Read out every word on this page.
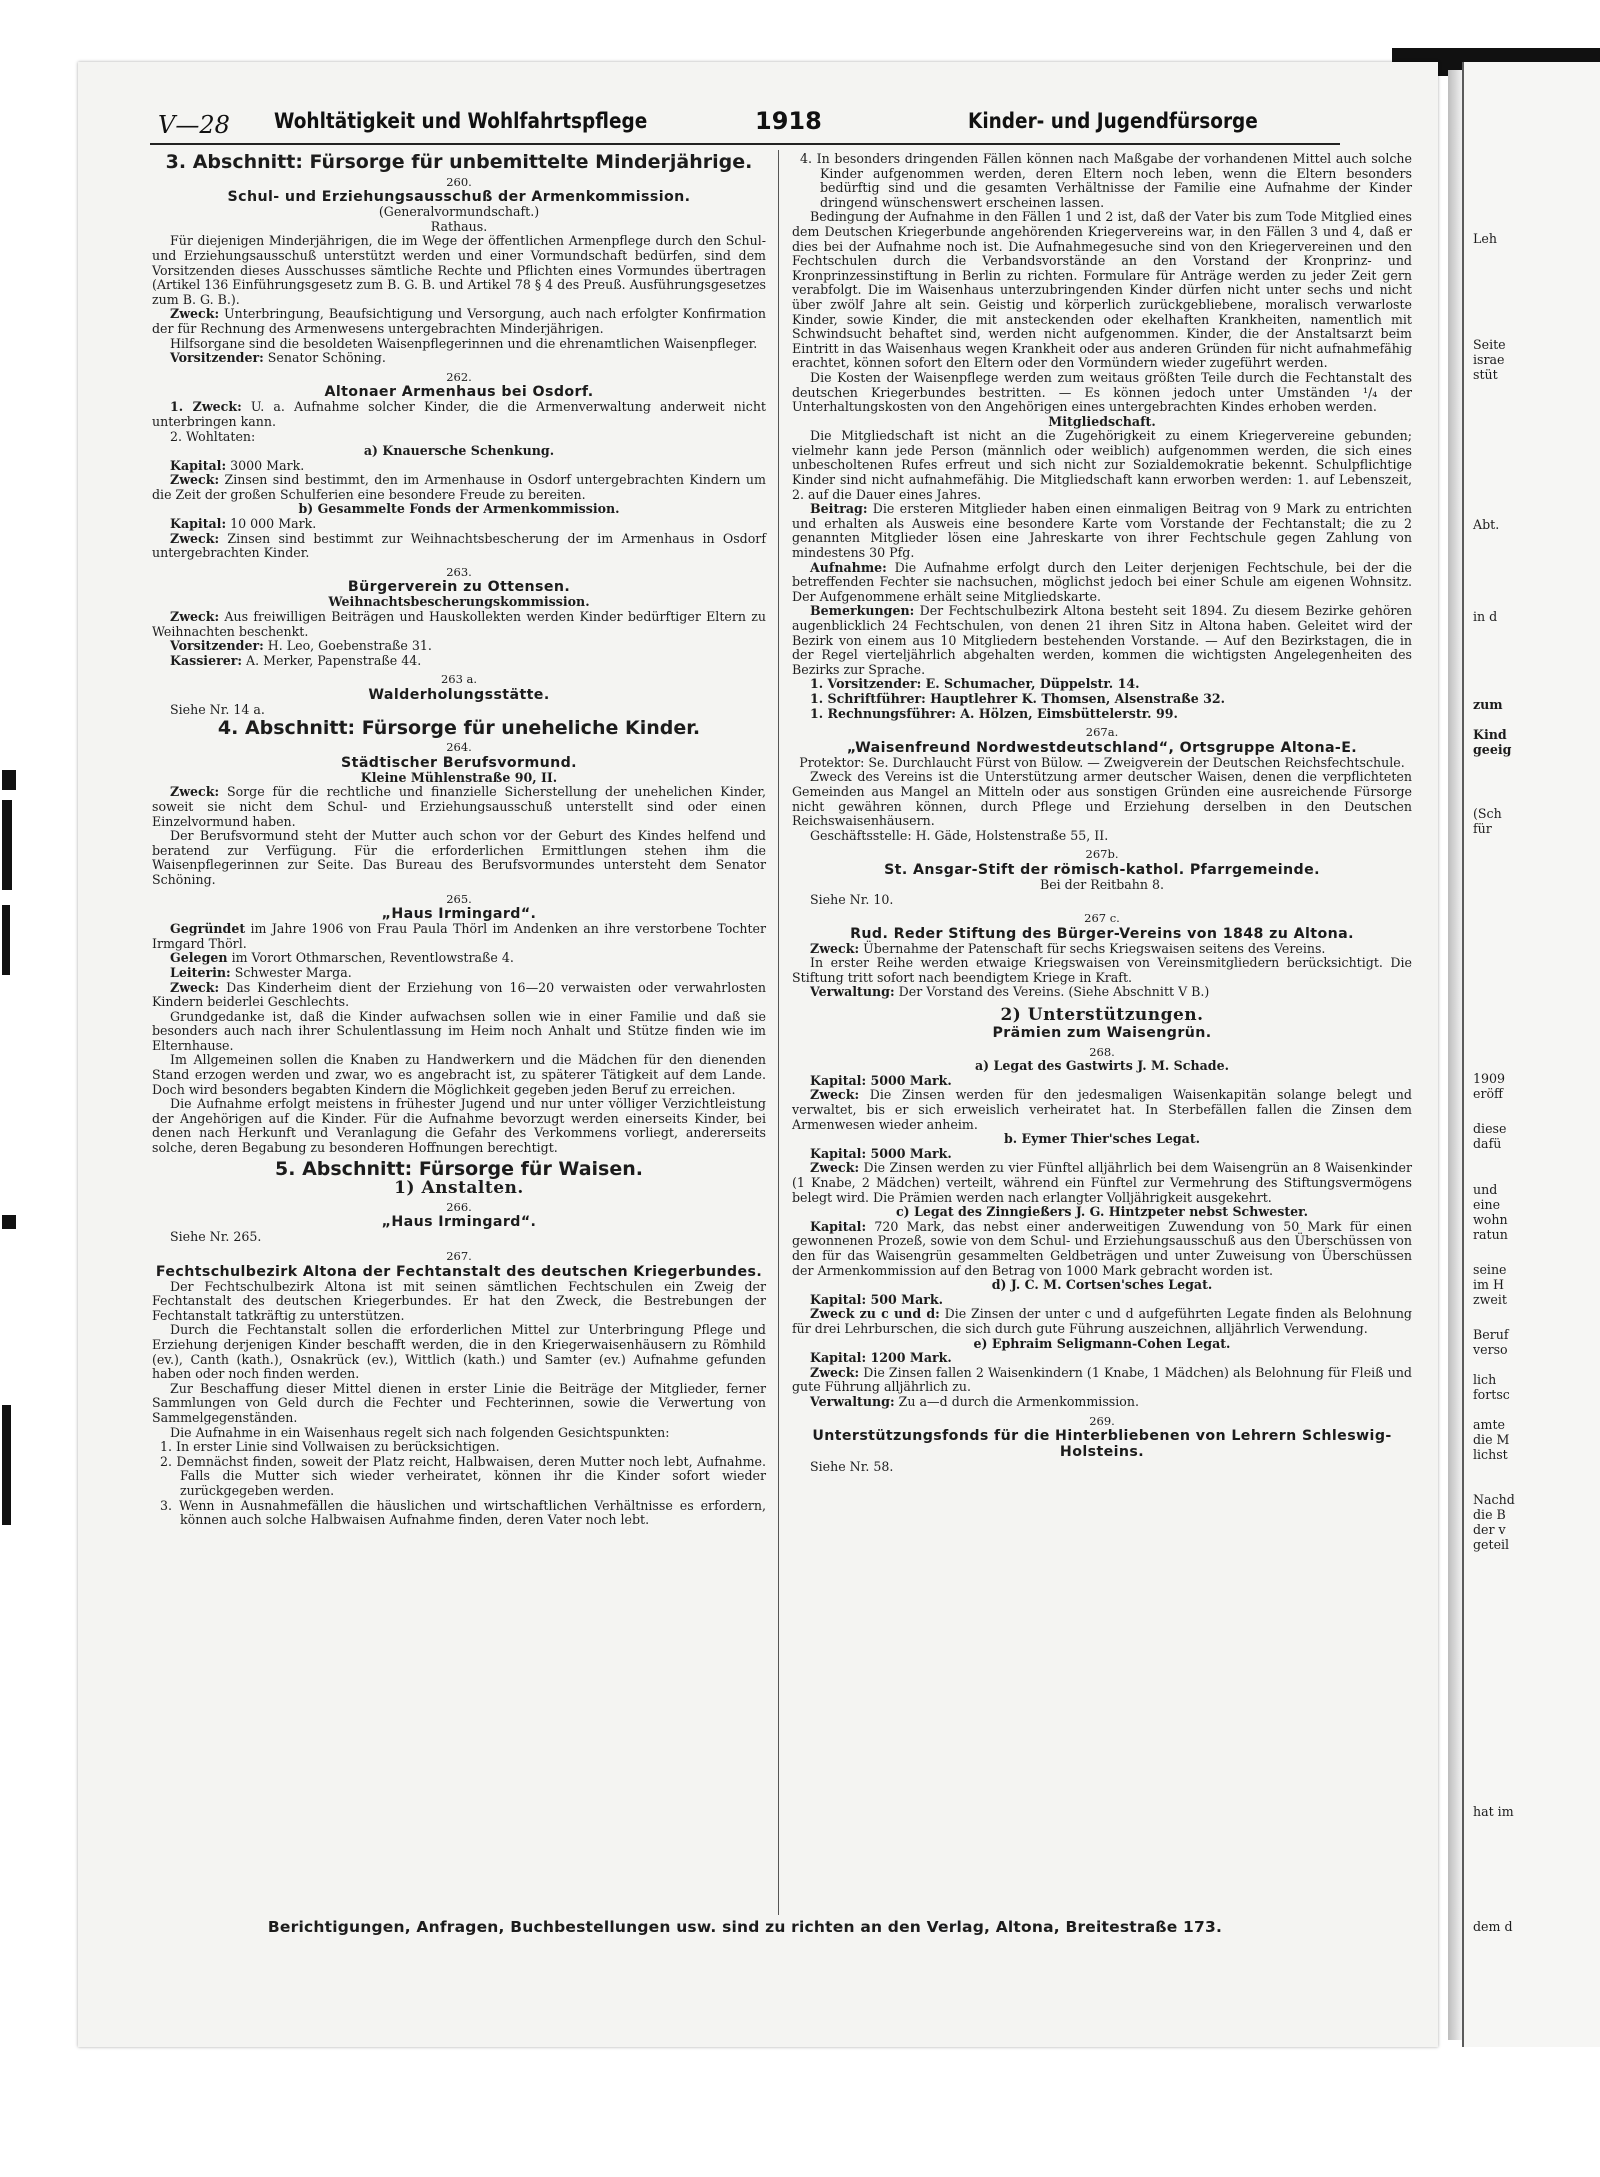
V—28 Wohltätigkeit und Wohlfahrtspflege	1918	Kinder- und Jugendfürsorge
3. Abschnitt: Fürsorge für unbemittelte Minderjährige.
260.
Schul- und Erziehungsausschuß der Armenkommission.
(Generalvormundschaft.)
Rathaus.

Für diejenigen Minderjährigen, die im Wege der öffentlichen Armenpflege durch den Schul- und Erziehungsausschuß unterstützt werden und einer Vormundschaft bedürfen, sind dem Vorsitzenden dieses Ausschusses sämtliche Rechte und Pflichten eines Vormundes übertragen (Artikel 136 Einführungsgesetz zum B. G. B. und Artikel 78 § 4 des Preuß. Ausführungsgesetzes zum B. G. B.).

Zweck: Unterbringung, Beaufsichtigung und Versorgung, auch nach erfolgter Konfirmation der für Rechnung des Armenwesens untergebrachten Minderjährigen.

Hilfsorgane sind die besoldeten Waisenpflegerinnen und die ehrenamtlichen Waisenpfleger.

Vorsitzender: Senator Schöning.

262.
Altonaer Armenhaus bei Osdorf.

1. Zweck: U. a. Aufnahme solcher Kinder, die die Armenverwaltung anderweit nicht unterbringen kann.

2. Wohltaten:

a) Knauersche Schenkung.

Kapital: 3000 Mark.

Zweck: Zinsen sind bestimmt, den im Armenhause in Osdorf untergebrachten Kindern um die Zeit der großen Schulferien eine besondere Freude zu bereiten.

b) Gesammelte Fonds der Armenkommission.

Kapital: 10 000 Mark.

Zweck: Zinsen sind bestimmt zur Weihnachtsbescherung der im Armenhaus in Osdorf untergebrachten Kinder.

263.
Bürgerverein zu Ottensen.
Weihnachtsbescherungskommission.

Zweck: Aus freiwilligen Beiträgen und Hauskollekten werden Kinder bedürftiger Eltern zu Weihnachten beschenkt.

Vorsitzender: H. Leo, Goebenstraße 31.

Kassierer: A. Merker, Papenstraße 44.

263 a.
Walderholungsstätte.

Siehe Nr. 14 a.

4. Abschnitt: Fürsorge für uneheliche Kinder.
264.
Städtischer Berufsvormund.
Kleine Mühlenstraße 90, II.

Zweck: Sorge für die rechtliche und finanzielle Sicherstellung der unehelichen Kinder, soweit sie nicht dem Schul- und Erziehungsausschuß unterstellt sind oder einen Einzelvormund haben.

Der Berufsvormund steht der Mutter auch schon vor der Geburt des Kindes helfend und beratend zur Verfügung. Für die erforderlichen Ermittlungen stehen ihm die Waisenpflegerinnen zur Seite. Das Bureau des Berufsvormundes untersteht dem Senator Schöning.

265.
„Haus Irmingard“.

Gegründet im Jahre 1906 von Frau Paula Thörl im Andenken an ihre verstorbene Tochter Irmgard Thörl.

Gelegen im Vorort Othmarschen, Reventlowstraße 4.

Leiterin: Schwester Marga.

Zweck: Das Kinderheim dient der Erziehung von 16—20 verwaisten oder verwahrlosten Kindern beiderlei Geschlechts.

Grundgedanke ist, daß die Kinder aufwachsen sollen wie in einer Familie und daß sie besonders auch nach ihrer Schulentlassung im Heim noch Anhalt und Stütze finden wie im Elternhause.

Im Allgemeinen sollen die Knaben zu Handwerkern und die Mädchen für den dienenden Stand erzogen werden und zwar, wo es angebracht ist, zu späterer Tätigkeit auf dem Lande. Doch wird besonders begabten Kindern die Möglichkeit gegeben jeden Beruf zu erreichen.

Die Aufnahme erfolgt meistens in frühester Jugend und nur unter völliger Verzichtleistung der Angehörigen auf die Kinder. Für die Aufnahme bevorzugt werden einerseits Kinder, bei denen nach Herkunft und Veranlagung die Gefahr des Verkommens vorliegt, andererseits solche, deren Begabung zu besonderen Hoffnungen berechtigt.

5. Abschnitt: Fürsorge für Waisen.
1) Anstalten.
266.
„Haus Irmingard“.

Siehe Nr. 265.

267.
Fechtschulbezirk Altona der Fechtanstalt des deutschen Kriegerbundes.

Der Fechtschulbezirk Altona ist mit seinen sämtlichen Fechtschulen ein Zweig der Fechtanstalt des deutschen Kriegerbundes. Er hat den Zweck, die Bestrebungen der Fechtanstalt tatkräftig zu unterstützen.

Durch die Fechtanstalt sollen die erforderlichen Mittel zur Unterbringung Pflege und Erziehung derjenigen Kinder beschafft werden, die in den Kriegerwaisenhäusern zu Römhild (ev.), Canth (kath.), Osnakrück (ev.), Wittlich (kath.) und Samter (ev.) Aufnahme gefunden haben oder noch finden werden.

Zur Beschaffung dieser Mittel dienen in erster Linie die Beiträge der Mitglieder, ferner Sammlungen von Geld durch die Fechter und Fechterinnen, sowie die Verwertung von Sammelgegenständen.

Die Aufnahme in ein Waisenhaus regelt sich nach folgenden Gesichtspunkten:

1. In erster Linie sind Vollwaisen zu berücksichtigen.

2. Demnächst finden, soweit der Platz reicht, Halbwaisen, deren Mutter noch lebt, Aufnahme. Falls die Mutter sich wieder verheiratet, können ihr die Kinder sofort wieder zurückgegeben werden.

3. Wenn in Ausnahmefällen die häuslichen und wirtschaftlichen Verhältnisse es erfordern, können auch solche Halbwaisen Aufnahme finden, deren Vater noch lebt.

4. In besonders dringenden Fällen können nach Maßgabe der vorhandenen Mittel auch solche Kinder aufgenommen werden, deren Eltern noch leben, wenn die Eltern besonders bedürftig sind und die gesamten Verhältnisse der Familie eine Aufnahme der Kinder dringend wünschenswert erscheinen lassen.

Bedingung der Aufnahme in den Fällen 1 und 2 ist, daß der Vater bis zum Tode Mitglied eines dem Deutschen Kriegerbunde angehörenden Kriegervereins war, in den Fällen 3 und 4, daß er dies bei der Aufnahme noch ist. Die Aufnahmegesuche sind von den Kriegervereinen und den Fechtschulen durch die Verbandsvorstände an den Vorstand der Kronprinz- und Kronprinzessinstiftung in Berlin zu richten. Formulare für Anträge werden zu jeder Zeit gern verabfolgt. Die im Waisenhaus unterzubringenden Kinder dürfen nicht unter sechs und nicht über zwölf Jahre alt sein. Geistig und körperlich zurückgebliebene, moralisch verwarloste Kinder, sowie Kinder, die mit ansteckenden oder ekelhaften Krankheiten, namentlich mit Schwindsucht behaftet sind, werden nicht aufgenommen. Kinder, die der Anstaltsarzt beim Eintritt in das Waisenhaus wegen Krankheit oder aus anderen Gründen für nicht aufnahmefähig erachtet, können sofort den Eltern oder den Vormündern wieder zugeführt werden.

Die Kosten der Waisenpflege werden zum weitaus größten Teile durch die Fechtanstalt des deutschen Kriegerbundes bestritten. — Es können jedoch unter Umständen ¹/₄ der Unterhaltungskosten von den Angehörigen eines untergebrachten Kindes erhoben werden.

Mitgliedschaft.

Die Mitgliedschaft ist nicht an die Zugehörigkeit zu einem Kriegervereine gebunden; vielmehr kann jede Person (männlich oder weiblich) aufgenommen werden, die sich eines unbescholtenen Rufes erfreut und sich nicht zur Sozialdemokratie bekennt. Schulpflichtige Kinder sind nicht aufnahmefähig. Die Mitgliedschaft kann erworben werden: 1. auf Lebenszeit, 2. auf die Dauer eines Jahres.

Beitrag: Die ersteren Mitglieder haben einen einmaligen Beitrag von 9 Mark zu entrichten und erhalten als Ausweis eine besondere Karte vom Vorstande der Fechtanstalt; die zu 2 genannten Mitglieder lösen eine Jahreskarte von ihrer Fechtschule gegen Zahlung von mindestens 30 Pfg.

Aufnahme: Die Aufnahme erfolgt durch den Leiter derjenigen Fechtschule, bei der die betreffenden Fechter sie nachsuchen, möglichst jedoch bei einer Schule am eigenen Wohnsitz. Der Aufgenommene erhält seine Mitgliedskarte.

Bemerkungen: Der Fechtschulbezirk Altona besteht seit 1894. Zu diesem Bezirke gehören augenblicklich 24 Fechtschulen, von denen 21 ihren Sitz in Altona haben. Geleitet wird der Bezirk von einem aus 10 Mitgliedern bestehenden Vorstande. — Auf den Bezirkstagen, die in der Regel vierteljährlich abgehalten werden, kommen die wichtigsten Angelegenheiten des Bezirks zur Sprache.

1. Vorsitzender: E. Schumacher, Düppelstr. 14.

1. Schriftführer: Hauptlehrer K. Thomsen, Alsenstraße 32.

1. Rechnungsführer: A. Hölzen, Eimsbüttelerstr. 99.

267a.
„Waisenfreund Nordwestdeutschland“, Ortsgruppe Altona-E.

Protektor: Se. Durchlaucht Fürst von Bülow. — Zweigverein der Deutschen Reichsfechtschule.

Zweck des Vereins ist die Unterstützung armer deutscher Waisen, denen die verpflichteten Gemeinden aus Mangel an Mitteln oder aus sonstigen Gründen eine ausreichende Fürsorge nicht gewähren können, durch Pflege und Erziehung derselben in den Deutschen Reichswaisenhäusern.

Geschäftsstelle: H. Gäde, Holstenstraße 55, II.

267b.
St. Ansgar-Stift der römisch-kathol. Pfarrgemeinde.
Bei der Reitbahn 8.

Siehe Nr. 10.

267 c.
Rud. Reder Stiftung des Bürger-Vereins von 1848 zu Altona.

Zweck: Übernahme der Patenschaft für sechs Kriegswaisen seitens des Vereins.

In erster Reihe werden etwaige Kriegswaisen von Vereinsmitgliedern berücksichtigt. Die Stiftung tritt sofort nach beendigtem Kriege in Kraft.

Verwaltung: Der Vorstand des Vereins. (Siehe Abschnitt V B.)

2) Unterstützungen.
Prämien zum Waisengrün.
268.
a) Legat des Gastwirts J. M. Schade.

Kapital: 5000 Mark.

Zweck: Die Zinsen werden für den jedesmaligen Waisenkapitän solange belegt und verwaltet, bis er sich erweislich verheiratet hat. In Sterbefällen fallen die Zinsen dem Armenwesen wieder anheim.

b. Eymer Thier'sches Legat.

Kapital: 5000 Mark.

Zweck: Die Zinsen werden zu vier Fünftel alljährlich bei dem Waisengrün an 8 Waisenkinder (1 Knabe, 2 Mädchen) verteilt, während ein Fünftel zur Vermehrung des Stiftungsvermögens belegt wird. Die Prämien werden nach erlangter Volljährigkeit ausgekehrt.

c) Legat des Zinngießers J. G. Hintzpeter nebst Schwester.

Kapital: 720 Mark, das nebst einer anderweitigen Zuwendung von 50 Mark für einen gewonnenen Prozeß, sowie von dem Schul- und Erziehungsausschuß aus den Überschüssen von den für das Waisengrün gesammelten Geldbeträgen und unter Zuweisung von Überschüssen der Armenkommission auf den Betrag von 1000 Mark gebracht worden ist.

d) J. C. M. Cortsen'sches Legat.

Kapital: 500 Mark.

Zweck zu c und d: Die Zinsen der unter c und d aufgeführten Legate finden als Belohnung für drei Lehrburschen, die sich durch gute Führung auszeichnen, alljährlich Verwendung.

e) Ephraim Seligmann-Cohen Legat.

Kapital: 1200 Mark.

Zweck: Die Zinsen fallen 2 Waisenkindern (1 Knabe, 1 Mädchen) als Belohnung für Fleiß und gute Führung alljährlich zu.

Verwaltung: Zu a—d durch die Armenkommission.

269.
Unterstützungsfonds für die Hinterbliebenen von Lehrern Schleswig-Holsteins.

Siehe Nr. 58.

Berichtigungen, Anfragen, Buchbestellungen usw. sind zu richten an den Verlag, Altona, Breitestraße 173.
Leh
Seite
israe
stüt
Abt.
in d
zum
Kind
geeig
(Sch
für
1909
eröff
diese
dafü
und
eine
wohn
ratun
seine
im H
zweit
Beruf
verso
lich
fortsc
amte
die M
lichst
Nachd
die B
der v
geteil
hat im
dem d
